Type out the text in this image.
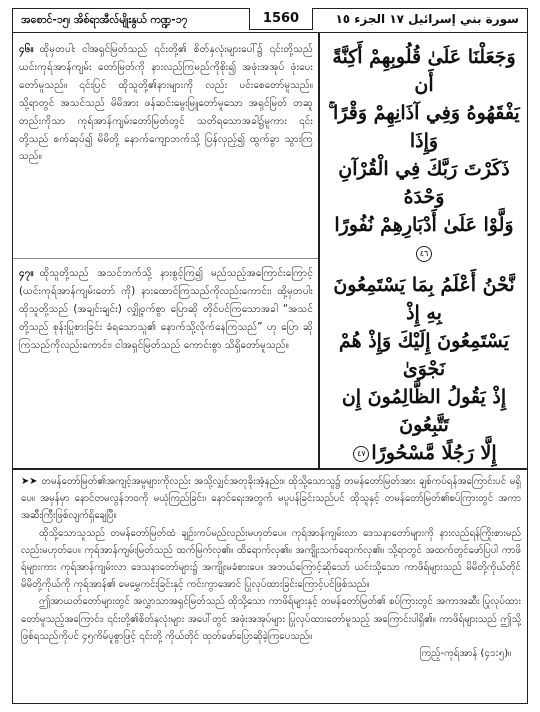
အစောင်-၁၅၊ အိစ်ရာအီလ်မျိုးနွယ် ကဏ္ဍ-၁၇	1560	سورة بني إسرائيل ١٧ الجزء ١٥
၄၆။ ထိုမှတပါး ငါအရှင်မြတ်သည် ၎င်းတို့၏ စိတ်နှလုံးများပေါ်၌ ၎င်းတို့သည် ယင်းကုရ်အာန်ကျမ်း တော်မြတ်ကို နားလည်ကြမည်ကိုစိုး၍ အဖုံးအအုပ် ဖုံးပေးတော်မူသည်။ ၎င်းပြင် ထိုသူတို့၏နားများကို လည်း ပင်းစေတော်မူသည်။ သို့ရာတွင် အသင်သည် မိမိအား ဖန်ဆင်းမွေးမြူတော်မူသော အရှင်မြတ် တဆူတည်းကိုသာ ကုရ်အာန်ကျမ်းတော်မြတ်တွင် သတိရသောအခါ၌မူကား ၎င်းတို့သည် စက်ဆုပ်၍ မိမိတို့ နောက်ကျောဘက်သို့ ပြန်လှည့်၍ ထွက်ခွာ သွားကြသည်။
وَجَعَلْنَا عَلَىٰ قُلُوبِهِمْ أَكِنَّةً أَن
يَفْقَهُوهُ وَفِي آذَانِهِمْ وَقْرًا ۚ وَإِذَا
ذَكَرْتَ رَبَّكَ فِي الْقُرْآنِ وَحْدَهُ
وَلَّوْا عَلَىٰ أَدْبَارِهِمْ نُفُورًا٤٦
၄၇။ ထိုသူတို့သည် အသင်ဘက်သို့ နားစွင့်ကြ၍ မည်သည့်အကြောင်းကြောင့် (ယင်းကုရ်အာန်ကျမ်းတော် ကို) နားထောင်ကြသည်ကိုလည်းကောင်း၊ ထို့မှတပါး ထိုသူတို့သည် (အချင်းချင်း) လျှို့ဝှက်စွာ ပြောဆို တိုင်ပင်ကြသောအခါ “အသင်တို့သည် စုန်းပြုစားခြင်း ခံရသောသူ၏ နောက်သို့လိုက်နေကြသည်” ဟု ပြော ဆိုကြသည်ကိုလည်းကောင်း၊ ငါအရှင်မြတ်သည် ကောင်းစွာ သိရှိတော်မူသည်။
نَّحْنُ أَعْلَمُ بِمَا يَسْتَمِعُونَ بِهِ إِذْ
يَسْتَمِعُونَ إِلَيْكَ وَإِذْ هُمْ نَجْوَىٰ
إِذْ يَقُولُ الظَّالِمُونَ إِن تَتَّبِعُونَ
إِلَّا رَجُلًا مَّسْحُورًا٤٧

➤➤ တမန်တော်မြတ်၏အကျင့်အမူများကိုလည်း အသို့လျှင်အတုခိုးအံ့နည်း။ ထိုသို့သောသူ၌ တမန်တော်မြတ်အား ချစ်ကပ်ရန်အကြောင်းပင် မရှိပေ။ အမှန်မှာ နောင်တမလွန်ဘဝကို မယုံကြည်ခြင်း၊ နောင်ရေးအတွက် မပူပန်ခြင်းသည်ပင် ထိုသူနှင့် တမန်တော်မြတ်၏စပ်ကြားတွင် အကာအဆီးကြီးဖြစ်လျက်ရှိချေပြီ။

ထိုသို့သောသူသည် တမန်တော်မြတ်ထံ ချဉ်းကပ်မည်လည်းမဟုတ်ပေ။ ကုရ်အာန်ကျမ်းလာ ဒေသနာတော်များကို နားလည်ရန်ကြိုးစားမည်လည်းမဟုတ်ပေ။ ကုရ်အာန်ကျမ်းမြတ်သည် ထက်မြက်လှ၏။ ထိရောက်လှ၏။ အကျိုးသက်ရောက်လှ၏။ သို့ရာတွင် အထက်တွင်ဖော်ပြပါ ကာဖိရ်များကား ကုရ်အာန်ကျမ်းလာ ဒေသနာတော်များ၌ အကျိုးမခံစားပေ။ အဘယ်ကြောင့်ဆိုသော် ယင်းသို့သော ကာဖိရ်များသည် မိမိတို့ကိုယ်တိုင် မိမိတို့ကိုယ်ကို ကုရ်အာန်၏ မေမွှေကင်းခြင်းနှင့် ကင်းကွာအောင် ပြုလုပ်ထားခြင်းကြောင့်ပင်ဖြစ်သည်။

ဤအာယတ်တော်များတွင် အလွှာသာအရှင်မြတ်သည် ထိုသို့သော ကာဖိရ်များနှင့် တမန်တော်မြတ်၏ စပ်ကြားတွင် အကာအဆီး ပြုလုပ်ထားတော်မူသည့်အကြောင်း၊ ၎င်းတို့၏စိတ်နှလုံးများ အပေါ်တွင် အဖုံးအအုပ်များ ပြုလုပ်ထားတော်မူသည့် အကြောင်းပါရှိ၏။ ကာဖိရ်များသည် ဤသို့ဖြစ်ရသည်ကိုပင် ၄၅ကိမ်ပူစွာဖြင့် ၎င်းတို့ ကိုယ်တိုင် ထုတ်ဖော်ပြောဆိုခဲ့ကြပေသည်။

ကြည့်-ကုရ်အာန် (၄၁:၅)။
